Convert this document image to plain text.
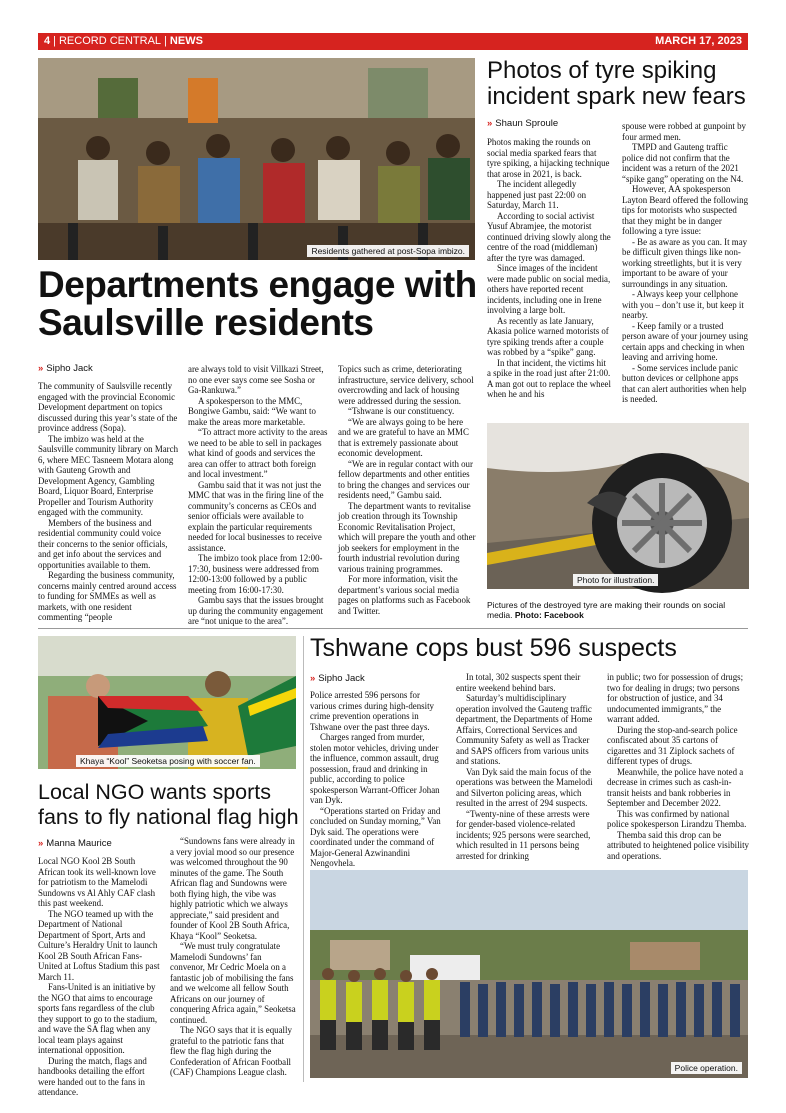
4 | RECORD CENTRAL | NEWS	MARCH 17, 2023
Residents gathered at post-Sopa imbizo.
Departments engage with Saulsville residents
» Sipho Jack

The community of Saulsville recently engaged with the provincial Economic Development department on topics discussed during this year’s state of the province address (Sopa).

The imbizo was held at the Saulsville community library on March 6, where MEC Tasneem Motara along with Gauteng Growth and Development Agency, Gambling Board, Liquor Board, Enterprise Propeller and Tourism Authority engaged with the community.

Members of the business and residential community could voice their concerns to the senior officials, and get info about the services and opportunities available to them.

Regarding the business community, concerns mainly centred around access to funding for SMMEs as well as markets, with one resident commenting “people

are always told to visit Villkazi Street, no one ever says come see Sosha or Ga-Rankuwa.”

A spokesperson to the MMC, Bongiwe Gambu, said: “We want to make the areas more marketable.

“To attract more activity to the areas we need to be able to sell in packages what kind of goods and services the area can offer to attract both foreign and local investment.”

Gambu said that it was not just the MMC that was in the firing line of the community’s concerns as CEOs and senior officials were available to explain the particular requirements needed for local businesses to receive assistance.

The imbizo took place from 12:00-17:30, business were addressed from 12:00-13:00 followed by a public meeting from 16:00-17:30.

Gambu says that the issues brought up during the community engagement are “not unique to the area”.

Topics such as crime, deteriorating infrastructure, service delivery, school overcrowding and lack of housing were addressed during the session.

“Tshwane is our constituency.

“We are always going to be here and we are grateful to have an MMC that is extremely passionate about economic development.

“We are in regular contact with our fellow departments and other entities to bring the changes and services our residents need,” Gambu said.

The department wants to revitalise job creation through its Township Economic Revitalisation Project, which will prepare the youth and other job seekers for employment in the fourth industrial revolution during various training programmes.

For more information, visit the department’s various social media pages on platforms such as Facebook and Twitter.

Photos of tyre spiking incident spark new fears
» Shaun Sproule

Photos making the rounds on social media sparked fears that tyre spiking, a hijacking technique that arose in 2021, is back.

The incident allegedly happened just past 22:00 on Saturday, March 11.

According to social activist Yusuf Abramjee, the motorist continued driving slowly along the centre of the road (middleman) after the tyre was damaged.

Since images of the incident were made public on social media, others have reported recent incidents, including one in Irene involving a large bolt.

As recently as late January, Akasia police warned motorists of tyre spiking trends after a couple was robbed by a “spike” gang.

In that incident, the victims hit a spike in the road just after 21:00. A man got out to replace the wheel when he and his

spouse were robbed at gunpoint by four armed men.

TMPD and Gauteng traffic police did not confirm that the incident was a return of the 2021 “spike gang” operating on the N4.

However, AA spokesperson Layton Beard offered the following tips for motorists who suspected that they might be in danger following a tyre issue:

- Be as aware as you can. It may be difficult given things like non-working streetlights, but it is very important to be aware of your surroundings in any situation.

- Always keep your cellphone with you – don’t use it, but keep it nearby.

- Keep family or a trusted person aware of your journey using certain apps and checking in when leaving and arriving home.

- Some services include panic button devices or cellphone apps that can alert authorities when help is needed.

Photo for illustration.
Pictures of the destroyed tyre are making their rounds on social media. Photo: Facebook
Khaya “Kool” Seoketsa posing with soccer fan.
Local NGO wants sports fans to fly national flag high
» Manna Maurice

Local NGO Kool 2B South African took its well-known love for patriotism to the Mamelodi Sundowns vs Al Ahly CAF clash this past weekend.

The NGO teamed up with the Department of National Department of Sport, Arts and Culture’s Heraldry Unit to launch Kool 2B South African Fans-United at Loftus Stadium this past March 11.

Fans-United is an initiative by the NGO that aims to encourage sports fans regardless of the club they support to go to the stadium, and wave the SA flag when any local team plays against international opposition.

During the match, flags and handbooks detailing the effort were handed out to the fans in attendance.

“Sundowns fans were already in a very jovial mood so our presence was welcomed throughout the 90 minutes of the game. The South African flag and Sundowns were both flying high, the vibe was highly patriotic which we always appreciate,” said president and founder of Kool 2B South Africa, Khaya “Kool” Seoketsa.

“We must truly congratulate Mamelodi Sundowns’ fan convenor, Mr Cedric Moela on a fantastic job of mobilising the fans and we welcome all fellow South Africans on our journey of conquering Africa again,” Seoketsa continued.

The NGO says that it is equally grateful to the patriotic fans that flew the flag high during the Confederation of African Football (CAF) Champions League clash.

Tshwane cops bust 596 suspects
» Sipho Jack

Police arrested 596 persons for various crimes during high-density crime prevention operations in Tshwane over the past three days.

Charges ranged from murder, stolen motor vehicles, driving under the influence, common assault, drug possession, fraud and drinking in public, according to police spokesperson Warrant-Officer Johan van Dyk.

“Operations started on Friday and concluded on Sunday morning,” Van Dyk said. The operations were coordinated under the command of Major-General Azwinandini Nengovhela.

In total, 302 suspects spent their entire weekend behind bars.

Saturday’s multidisciplinary operation involved the Gauteng traffic department, the Departments of Home Affairs, Correctional Services and Community Safety as well as Tracker and SAPS officers from various units and stations.

Van Dyk said the main focus of the operations was between the Mamelodi and Silverton policing areas, which resulted in the arrest of 294 suspects.

“Twenty-nine of these arrests were for gender-based violence-related incidents; 925 persons were searched, which resulted in 11 persons being arrested for drinking

in public; two for possession of drugs; two for dealing in drugs; two persons for obstruction of justice, and 34 undocumented immigrants,” the warrant added.

During the stop-and-search police confiscated about 35 cartons of cigarettes and 31 Ziplock sachets of different types of drugs.

Meanwhile, the police have noted a decrease in crimes such as cash-in-transit heists and bank robberies in September and December 2022.

This was confirmed by national police spokesperson Lirandzu Themba.

Themba said this drop can be attributed to heightened police visibility and operations.

Police operation.
